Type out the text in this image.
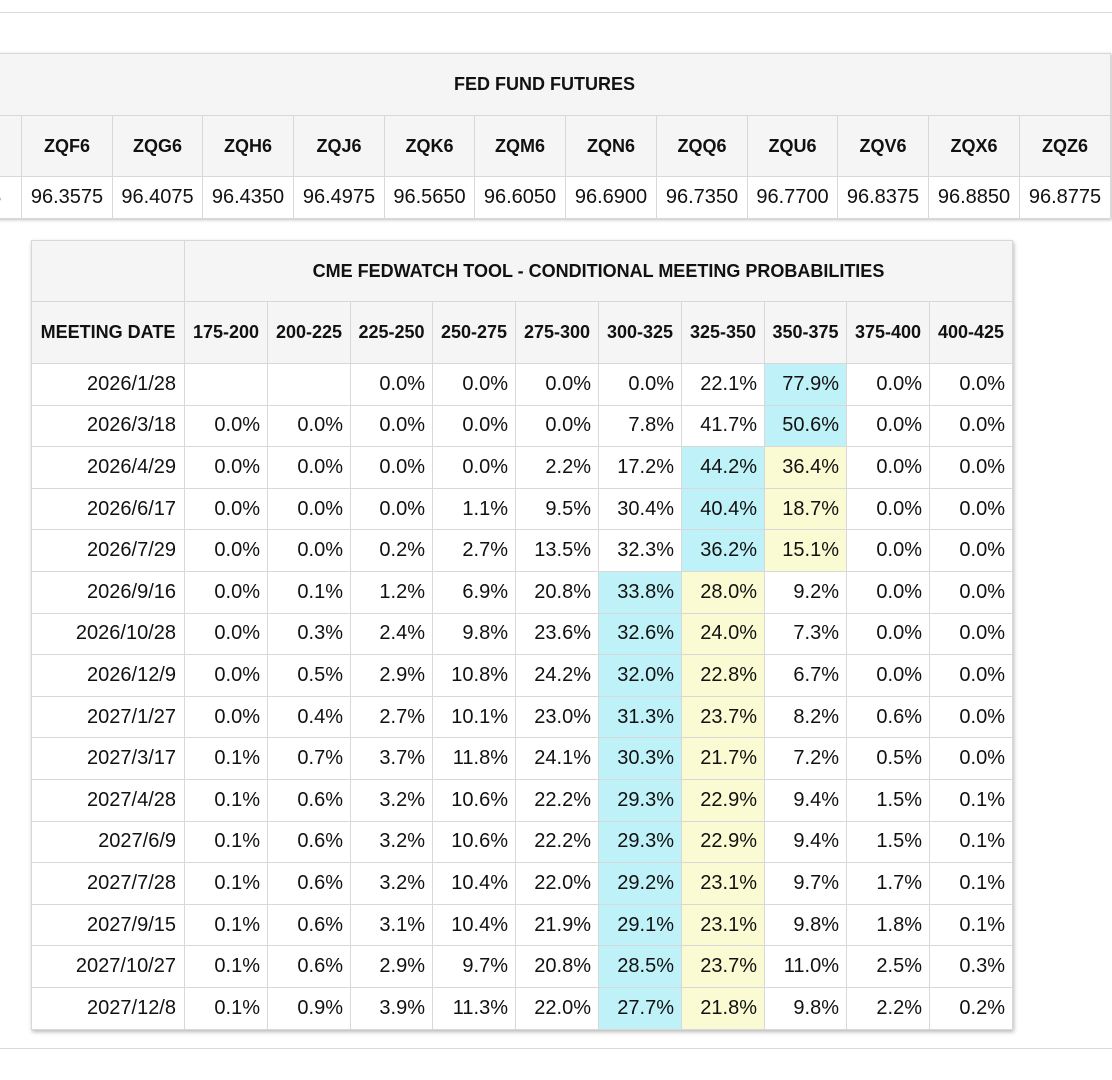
FED FUND FUTURES												
	ZQF6	ZQG6	ZQH6	ZQJ6	ZQK6	ZQM6	ZQN6	ZQQ6	ZQU6	ZQV6	ZQX6	ZQZ6
	96.3575	96.4075	96.4350	96.4975	96.5650	96.6050	96.6900	96.7350	96.7700	96.8375	96.8850	96.8775
	CME FEDWATCH TOOL - CONDITIONAL MEETING PROBABILITIES									
MEETING DATE	175-200	200-225	225-250	250-275	275-300	300-325	325-350	350-375	375-400	400-425
2026/1/28			0.0%	0.0%	0.0%	0.0%	22.1%	77.9%	0.0%	0.0%
2026/3/18	0.0%	0.0%	0.0%	0.0%	0.0%	7.8%	41.7%	50.6%	0.0%	0.0%
2026/4/29	0.0%	0.0%	0.0%	0.0%	2.2%	17.2%	44.2%	36.4%	0.0%	0.0%
2026/6/17	0.0%	0.0%	0.0%	1.1%	9.5%	30.4%	40.4%	18.7%	0.0%	0.0%
2026/7/29	0.0%	0.0%	0.2%	2.7%	13.5%	32.3%	36.2%	15.1%	0.0%	0.0%
2026/9/16	0.0%	0.1%	1.2%	6.9%	20.8%	33.8%	28.0%	9.2%	0.0%	0.0%
2026/10/28	0.0%	0.3%	2.4%	9.8%	23.6%	32.6%	24.0%	7.3%	0.0%	0.0%
2026/12/9	0.0%	0.5%	2.9%	10.8%	24.2%	32.0%	22.8%	6.7%	0.0%	0.0%
2027/1/27	0.0%	0.4%	2.7%	10.1%	23.0%	31.3%	23.7%	8.2%	0.6%	0.0%
2027/3/17	0.1%	0.7%	3.7%	11.8%	24.1%	30.3%	21.7%	7.2%	0.5%	0.0%
2027/4/28	0.1%	0.6%	3.2%	10.6%	22.2%	29.3%	22.9%	9.4%	1.5%	0.1%
2027/6/9	0.1%	0.6%	3.2%	10.6%	22.2%	29.3%	22.9%	9.4%	1.5%	0.1%
2027/7/28	0.1%	0.6%	3.2%	10.4%	22.0%	29.2%	23.1%	9.7%	1.7%	0.1%
2027/9/15	0.1%	0.6%	3.1%	10.4%	21.9%	29.1%	23.1%	9.8%	1.8%	0.1%
2027/10/27	0.1%	0.6%	2.9%	9.7%	20.8%	28.5%	23.7%	11.0%	2.5%	0.3%
2027/12/8	0.1%	0.9%	3.9%	11.3%	22.0%	27.7%	21.8%	9.8%	2.2%	0.2%
